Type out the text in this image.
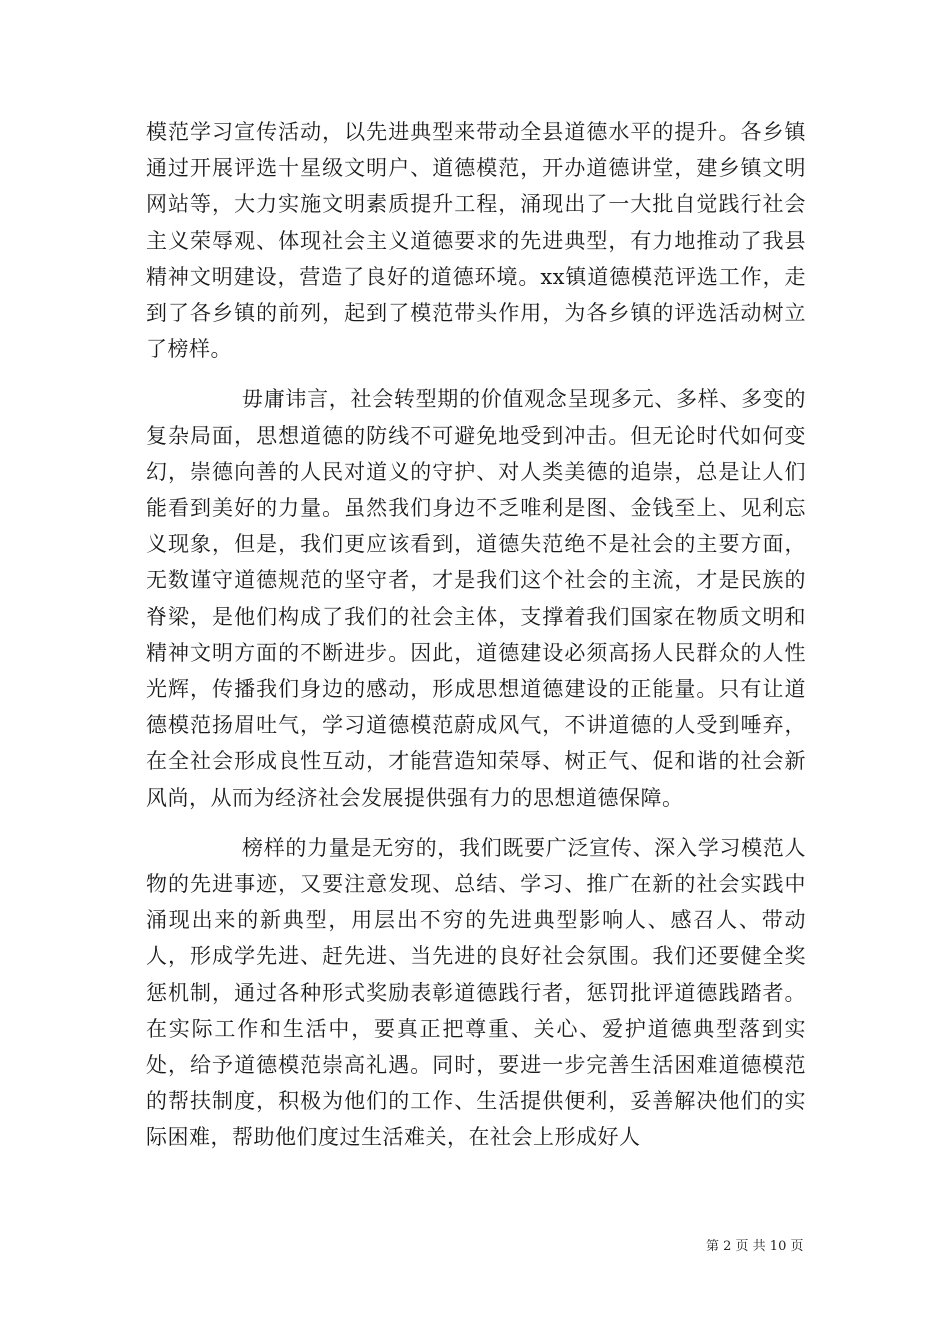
模范学习宣传活动，以先进典型来带动全县道德水平的提升。各乡镇通过开展评选十星级文明户、道德模范，开办道德讲堂，建乡镇文明网站等，大力实施文明素质提升工程，涌现出了一大批自觉践行社会主义荣辱观、体现社会主义道德要求的先进典型，有力地推动了我县精神文明建设，营造了良好的道德环境。xx镇道德模范评选工作，走到了各乡镇的前列，起到了模范带头作用，为各乡镇的评选活动树立了榜样。

毋庸讳言，社会转型期的价值观念呈现多元、多样、多变的复杂局面，思想道德的防线不可避免地受到冲击。但无论时代如何变幻，崇德向善的人民对道义的守护、对人类美德的追崇，总是让人们能看到美好的力量。虽然我们身边不乏唯利是图、金钱至上、见利忘义现象，但是，我们更应该看到，道德失范绝不是社会的主要方面，无数谨守道德规范的坚守者，才是我们这个社会的主流，才是民族的脊梁，是他们构成了我们的社会主体，支撑着我们国家在物质文明和精神文明方面的不断进步。因此，道德建设必须高扬人民群众的人性光辉，传播我们身边的感动，形成思想道德建设的正能量。只有让道德模范扬眉吐气，学习道德模范蔚成风气，不讲道德的人受到唾弃，在全社会形成良性互动，才能营造知荣辱、树正气、促和谐的社会新风尚，从而为经济社会发展提供强有力的思想道德保障。

榜样的力量是无穷的，我们既要广泛宣传、深入学习模范人物的先进事迹，又要注意发现、总结、学习、推广在新的社会实践中涌现出来的新典型，用层出不穷的先进典型影响人、感召人、带动人，形成学先进、赶先进、当先进的良好社会氛围。我们还要健全奖惩机制，通过各种形式奖励表彰道德践行者，惩罚批评道德践踏者。在实际工作和生活中，要真正把尊重、关心、爱护道德典型落到实处，给予道德模范崇高礼遇。同时，要进一步完善生活困难道德模范的帮扶制度，积极为他们的工作、生活提供便利，妥善解决他们的实际困难，帮助他们度过生活难关，在社会上形成好人

第 2 页 共 10 页
